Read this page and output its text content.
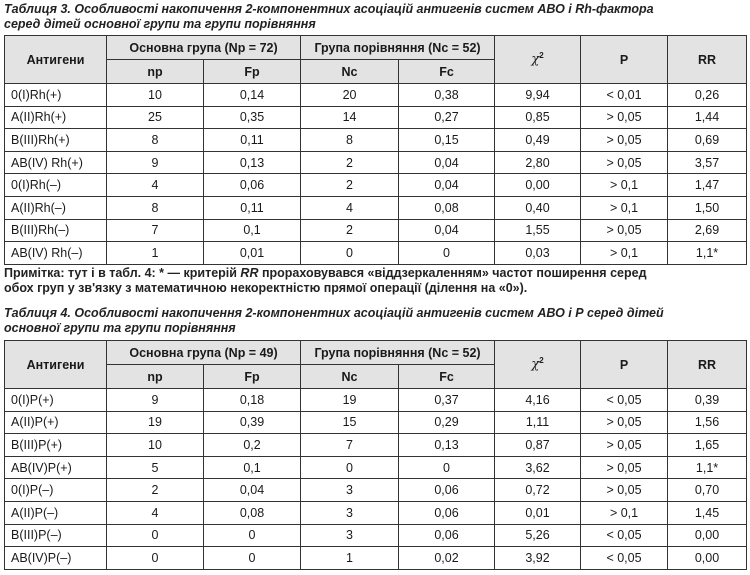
Таблиця 3. Особливості накопичення 2-компонентних асоціацій антигенів систем АВО і Rh-фактора
серед дітей основної групи та групи порівняння
Антигени	Основна група (Np = 72)		Група порівняння (Nc = 52)		$\chi^2$	P	RR
	np	Fp	Nc	Fc			
0(I)Rh(+)	10	0,14	20	0,38	9,94	< 0,01	0,26
A(II)Rh(+)	25	0,35	14	0,27	0,85	> 0,05	1,44
B(III)Rh(+)	8	0,11	8	0,15	0,49	> 0,05	0,69
AB(IV) Rh(+)	9	0,13	2	0,04	2,80	> 0,05	3,57
0(I)Rh(–)	4	0,06	2	0,04	0,00	> 0,1	1,47
A(II)Rh(–)	8	0,11	4	0,08	0,40	> 0,1	1,50
B(III)Rh(–)	7	0,1	2	0,04	1,55	> 0,05	2,69
AB(IV) Rh(–)	1	0,01	0	0	0,03	> 0,1	1,1*
Примітка: тут і в табл. 4: * — критерій RR прораховувався «віддзеркаленням» частот поширення серед
обох груп у зв'язку з математичною некоректністю прямої операції (ділення на «0»).
Таблиця 4. Особливості накопичення 2-компонентних асоціацій антигенів систем АВО і Р серед дітей
основної групи та групи порівняння
Антигени	Основна група (Np = 49)		Група порівняння (Nc = 52)		$\chi^2$	P	RR
	np	Fp	Nc	Fc			
0(I)P(+)	9	0,18	19	0,37	4,16	< 0,05	0,39
A(II)P(+)	19	0,39	15	0,29	1,11	> 0,05	1,56
B(III)P(+)	10	0,2	7	0,13	0,87	> 0,05	1,65
AB(IV)P(+)	5	0,1	0	0	3,62	> 0,05	1,1*
0(I)P(–)	2	0,04	3	0,06	0,72	> 0,05	0,70
A(II)P(–)	4	0,08	3	0,06	0,01	> 0,1	1,45
B(III)P(–)	0	0	3	0,06	5,26	< 0,05	0,00
AB(IV)P(–)	0	0	1	0,02	3,92	< 0,05	0,00
